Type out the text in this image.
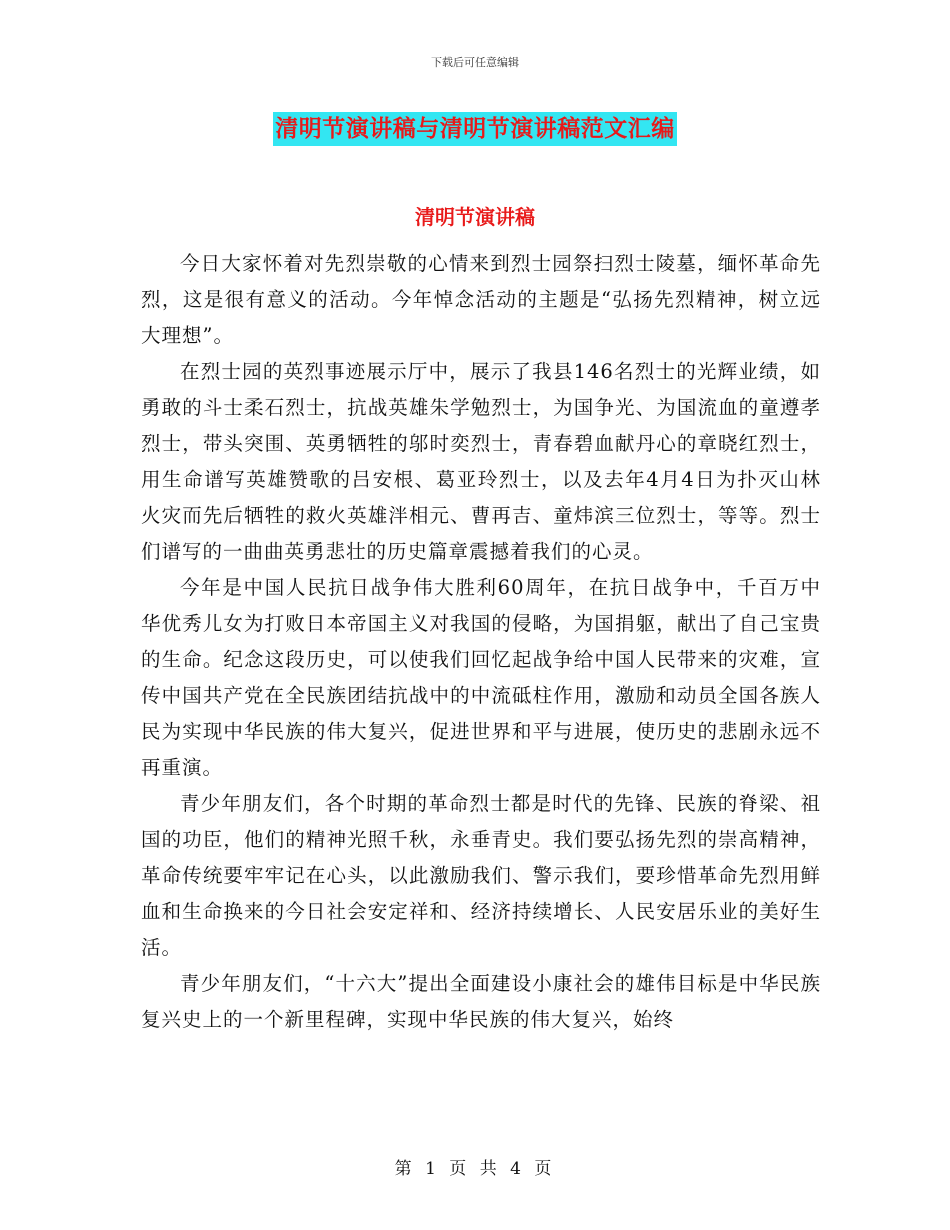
下载后可任意编辑
清明节演讲稿与清明节演讲稿范文汇编
清明节演讲稿

今日大家怀着对先烈崇敬的心情来到烈士园祭扫烈士陵墓，缅怀革命先烈，这是很有意义的活动。今年悼念活动的主题是“弘扬先烈精神，树立远大理想”。

在烈士园的英烈事迹展示厅中，展示了我县146名烈士的光辉业绩，如勇敢的斗士柔石烈士，抗战英雄朱学勉烈士，为国争光、为国流血的童遵孝烈士，带头突围、英勇牺牲的邬时奕烈士，青春碧血献丹心的章晓红烈士，用生命谱写英雄赞歌的吕安根、葛亚玲烈士，以及去年4月4日为扑灭山林火灾而先后牺牲的救火英雄泮相元、曹再吉、童炜滨三位烈士，等等。烈士们谱写的一曲曲英勇悲壮的历史篇章震撼着我们的心灵。

今年是中国人民抗日战争伟大胜利60周年，在抗日战争中，千百万中华优秀儿女为打败日本帝国主义对我国的侵略，为国捐躯，献出了自己宝贵的生命。纪念这段历史，可以使我们回忆起战争给中国人民带来的灾难，宣传中国共产党在全民族团结抗战中的中流砥柱作用，激励和动员全国各族人民为实现中华民族的伟大复兴，促进世界和平与进展，使历史的悲剧永远不再重演。

青少年朋友们，各个时期的革命烈士都是时代的先锋、民族的脊梁、祖国的功臣，他们的精神光照千秋，永垂青史。我们要弘扬先烈的崇高精神，革命传统要牢牢记在心头，以此激励我们、警示我们，要珍惜革命先烈用鲜血和生命换来的今日社会安定祥和、经济持续增长、人民安居乐业的美好生活。

青少年朋友们，“十六大”提出全面建设小康社会的雄伟目标是中华民族复兴史上的一个新里程碑，实现中华民族的伟大复兴，始终

第 1 页 共 4 页
